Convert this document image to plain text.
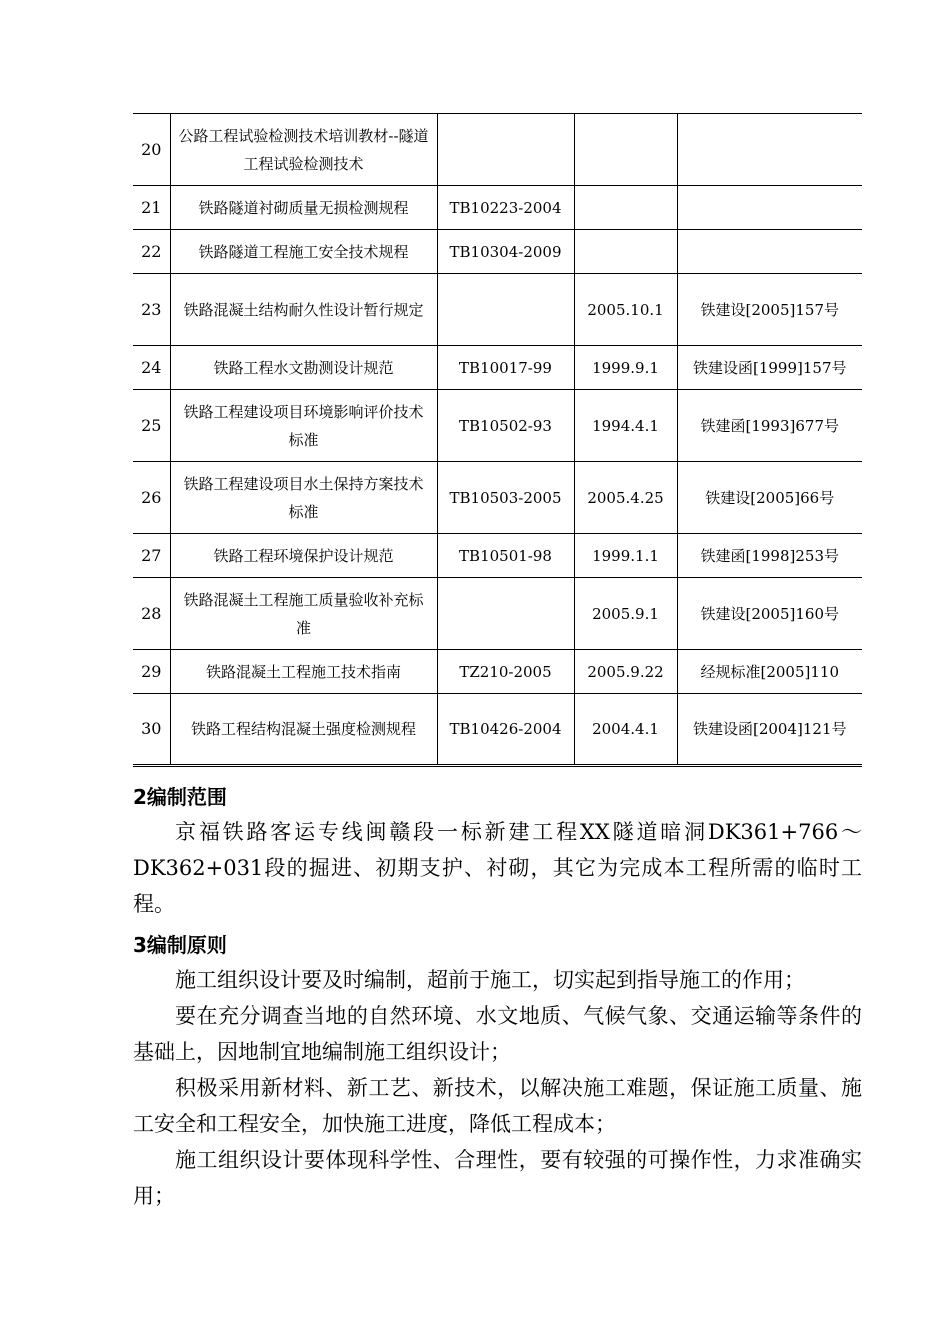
20	公路工程试验检测技术培训教材--隧道工程试验检测技术			
21	铁路隧道衬砌质量无损检测规程	TB10223-2004		
22	铁路隧道工程施工安全技术规程	TB10304-2009		
23	铁路混凝土结构耐久性设计暂行规定		2005.10.1	铁建设[2005]157号
24	铁路工程水文勘测设计规范	TB10017-99	1999.9.1	铁建设函[1999]157号
25	铁路工程建设项目环境影响评价技术标准	TB10502-93	1994.4.1	铁建函[1993]677号
26	铁路工程建设项目水土保持方案技术标准	TB10503-2005	2005.4.25	铁建设[2005]66号
27	铁路工程环境保护设计规范	TB10501-98	1999.1.1	铁建函[1998]253号
28	铁路混凝土工程施工质量验收补充标准		2005.9.1	铁建设[2005]160号
29	铁路混凝土工程施工技术指南	TZ210-2005	2005.9.22	经规标准[2005]110
30	铁路工程结构混凝土强度检测规程	TB10426-2004	2004.4.1	铁建设函[2004]121号
2编制范围

京福铁路客运专线闽赣段一标新建工程XX隧道暗洞DK361+766～DK362+031段的掘进、初期支护、衬砌，其它为完成本工程所需的临时工程。

3编制原则

施工组织设计要及时编制，超前于施工，切实起到指导施工的作用；

要在充分调查当地的自然环境、水文地质、气候气象、交通运输等条件的基础上，因地制宜地编制施工组织设计；

积极采用新材料、新工艺、新技术，以解决施工难题，保证施工质量、施工安全和工程安全，加快施工进度，降低工程成本；

施工组织设计要体现科学性、合理性，要有较强的可操作性，力求准确实用；
